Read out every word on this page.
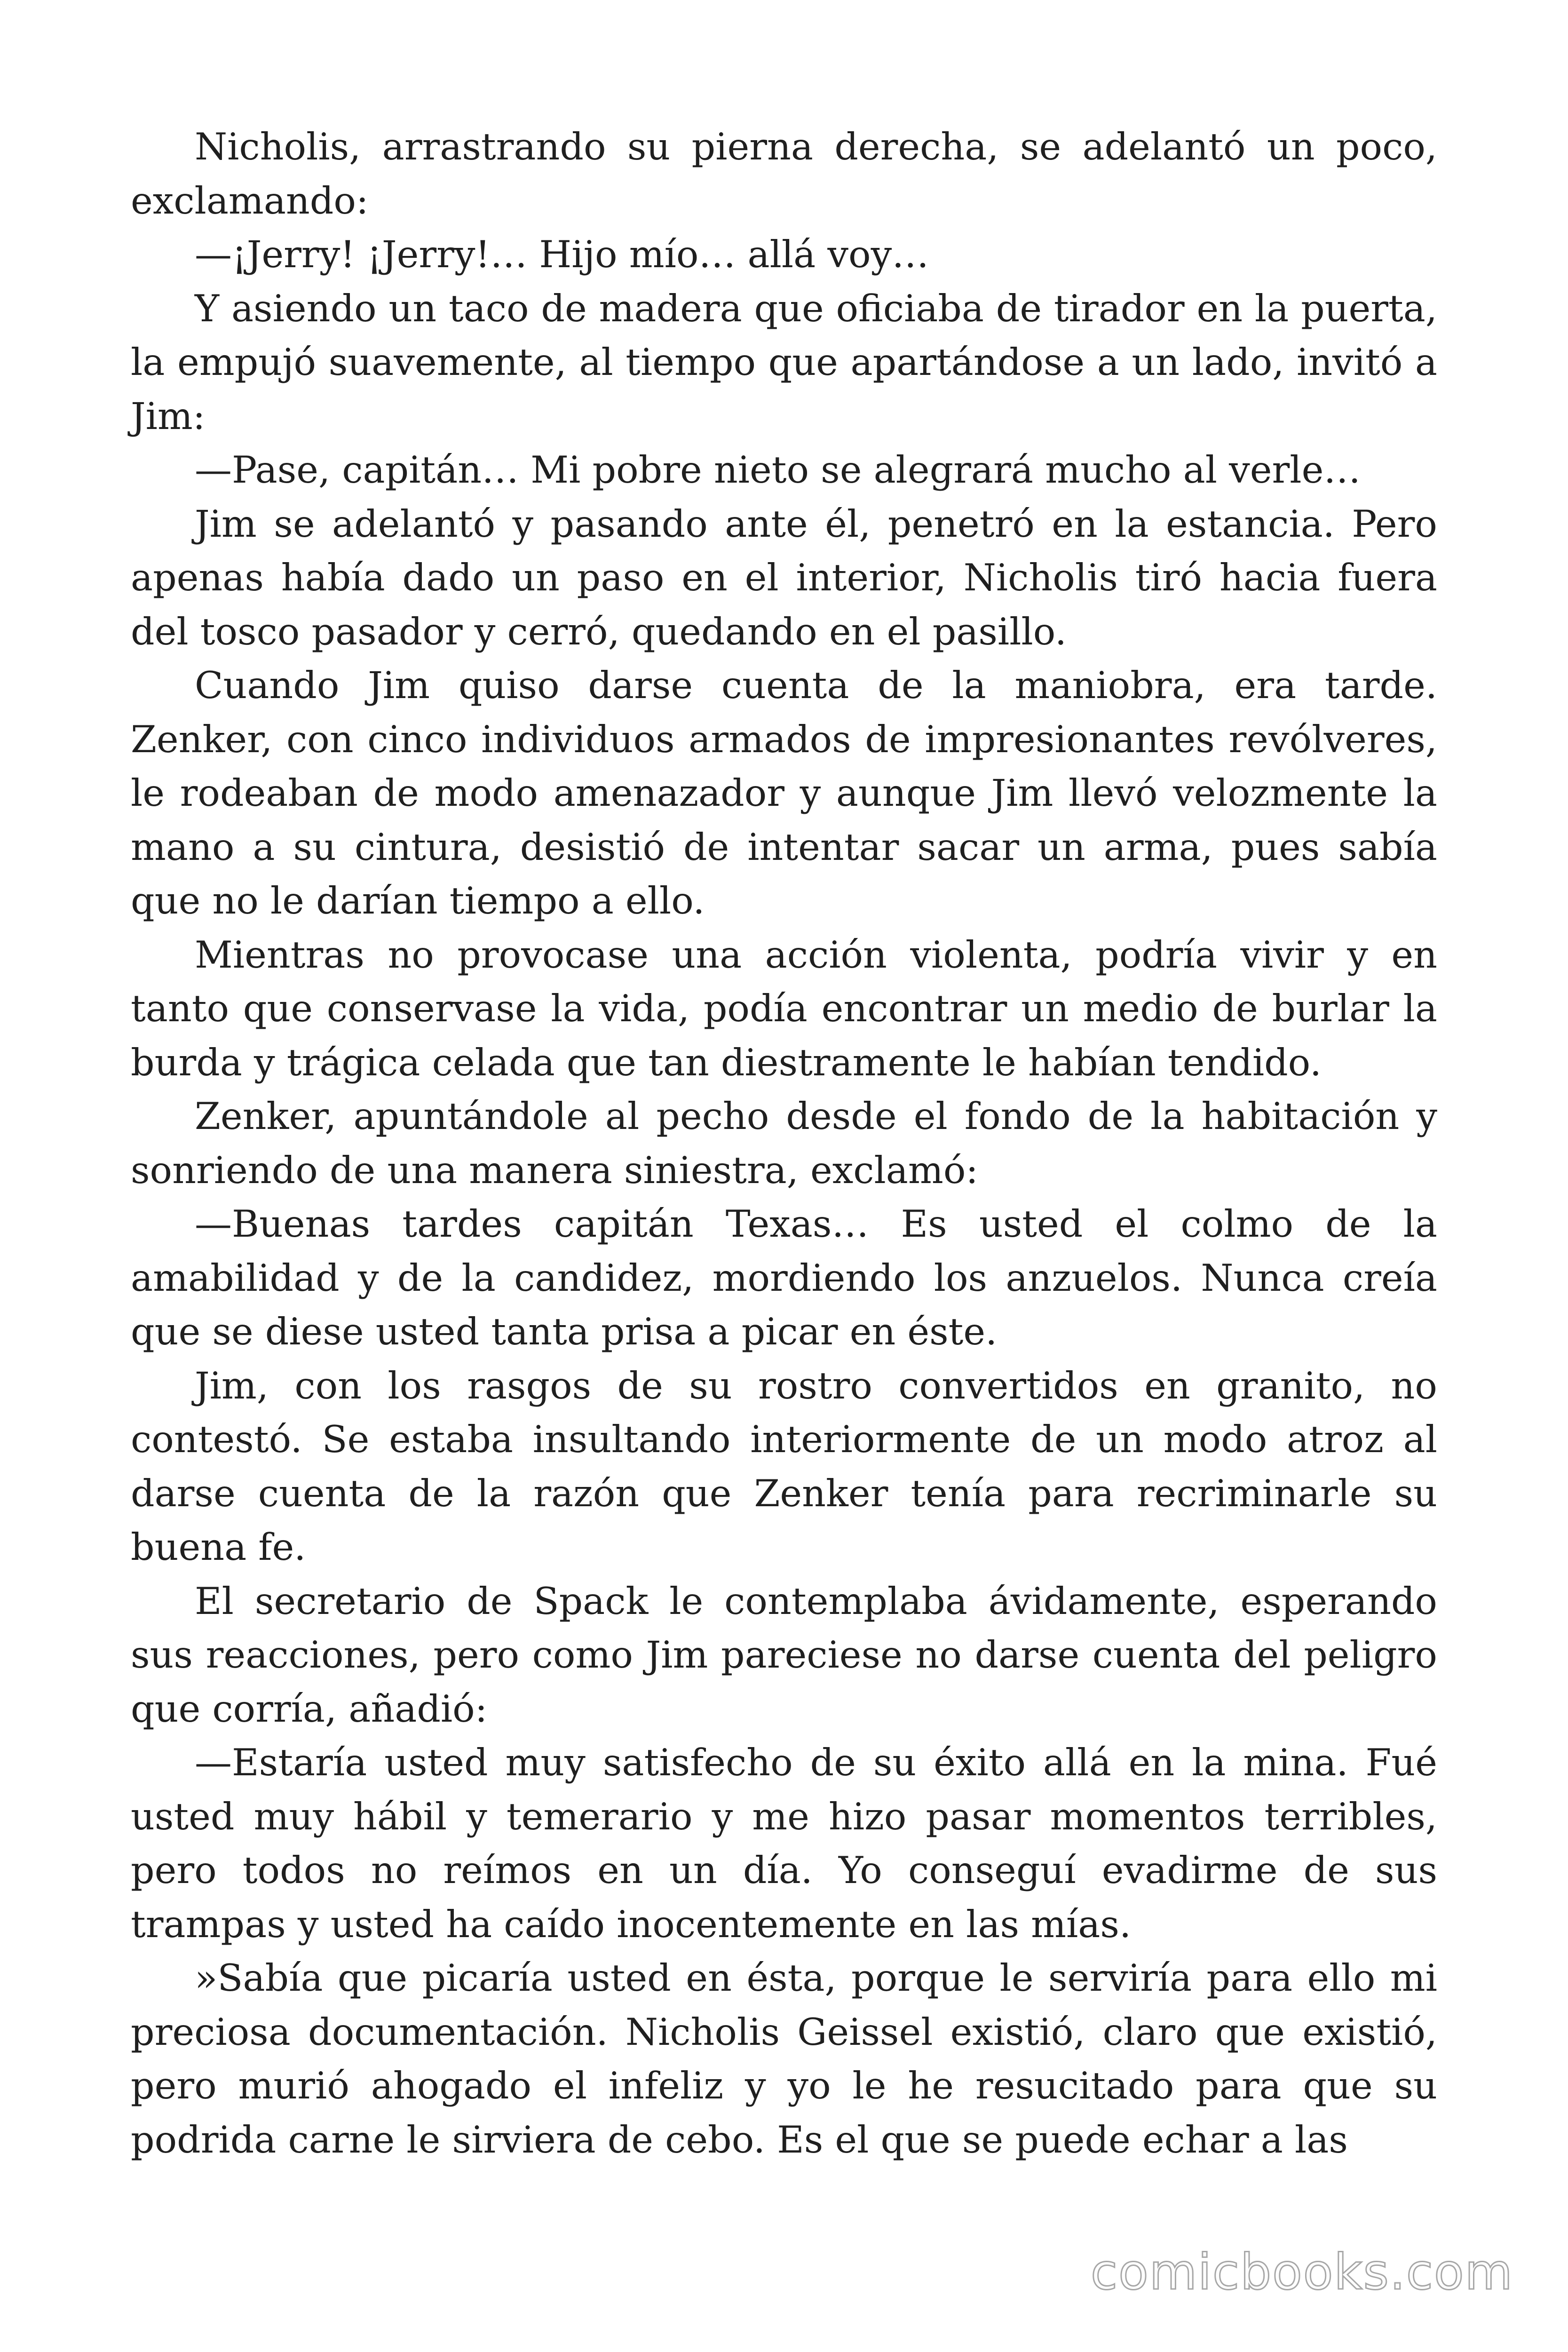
Nicholis, arrastrando su pierna derecha, se adelantó un poco, exclamando:

—¡Jerry! ¡Jerry!… Hijo mío… allá voy…

Y asiendo un taco de madera que oficiaba de tirador en la puerta, la empujó suavemente, al tiempo que apartándose a un lado, invitó a Jim:

—Pase, capitán… Mi pobre nieto se alegrará mucho al verle…

Jim se adelantó y pasando ante él, penetró en la estancia. Pero apenas había dado un paso en el interior, Nicholis tiró hacia fuera del tosco pasador y cerró, quedando en el pasillo.

Cuando Jim quiso darse cuenta de la maniobra, era tarde. Zenker, con cinco individuos armados de impresionantes revólveres, le rodeaban de modo amenazador y aunque Jim llevó velozmente la mano a su cintura, desistió de intentar sacar un arma, pues sabía que no le darían tiempo a ello.

Mientras no provocase una acción violenta, podría vivir y en tanto que conservase la vida, podía encontrar un medio de burlar la burda y trágica celada que tan diestramente le habían tendido.

Zenker, apuntándole al pecho desde el fondo de la habitación y sonriendo de una manera siniestra, exclamó:

—Buenas tardes capitán Texas… Es usted el colmo de la amabilidad y de la candidez, mordiendo los anzuelos. Nunca creía que se diese usted tanta prisa a picar en éste.

Jim, con los rasgos de su rostro convertidos en granito, no contestó. Se estaba insultando interiormente de un modo atroz al darse cuenta de la razón que Zenker tenía para recriminarle su buena fe.

El secretario de Spack le contemplaba ávidamente, esperando sus reacciones, pero como Jim pareciese no darse cuenta del peligro que corría, añadió:

—Estaría usted muy satisfecho de su éxito allá en la mina. Fué usted muy hábil y temerario y me hizo pasar momentos terribles, pero todos no reímos en un día. Yo conseguí evadirme de sus trampas y usted ha caído inocentemente en las mías.

»Sabía que picaría usted en ésta, porque le serviría para ello mi preciosa documentación. Nicholis Geissel existió, claro que existió, pero murió ahogado el infeliz y yo le he resucitado para que su podrida carne le sirviera de cebo. Es el que se puede echar a las

comicbooks.com
